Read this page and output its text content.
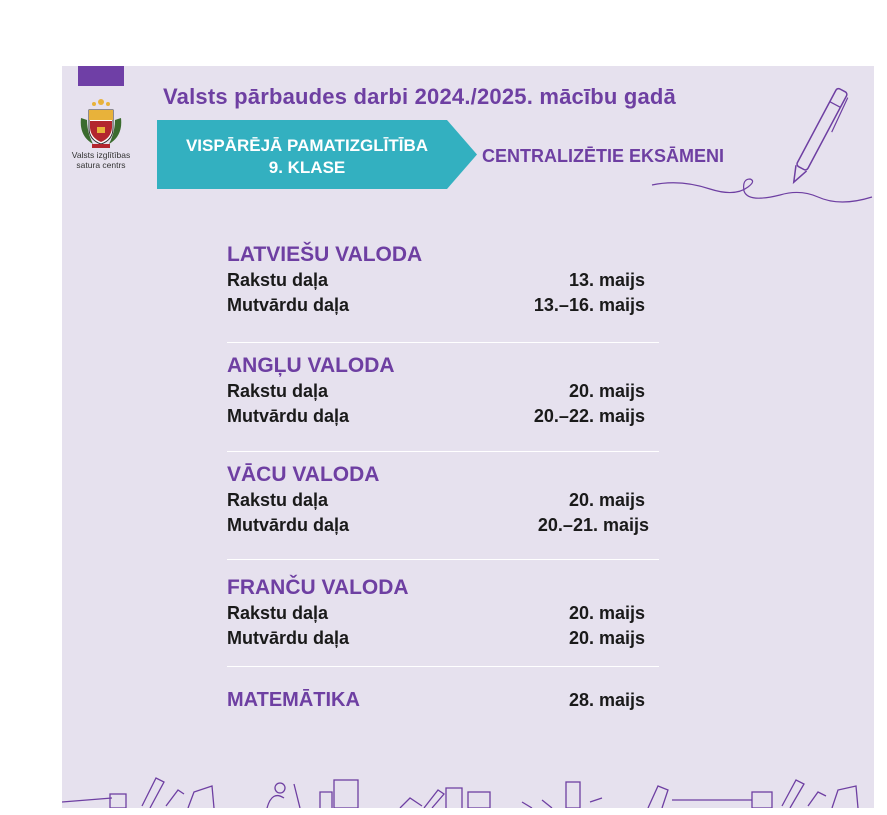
Valsts izglītības
satura centrs
Valsts pārbaudes darbi 2024./2025. mācību gadā
VISPĀRĒJĀ PAMATIZGLĪTĪBA
9. KLASE
CENTRALIZĒTIE EKSĀMENI
LATVIEŠU VALODA
Rakstu daļa	13. maijs
Mutvārdu daļa	13.–16. maijs
ANGĻU VALODA
Rakstu daļa	20. maijs
Mutvārdu daļa	20.–22. maijs
VĀCU VALODA
Rakstu daļa	20. maijs
Mutvārdu daļa	20.–21. maijs
FRANČU VALODA
Rakstu daļa	20. maijs
Mutvārdu daļa	20. maijs
MATEMĀTIKA	28. maijs
